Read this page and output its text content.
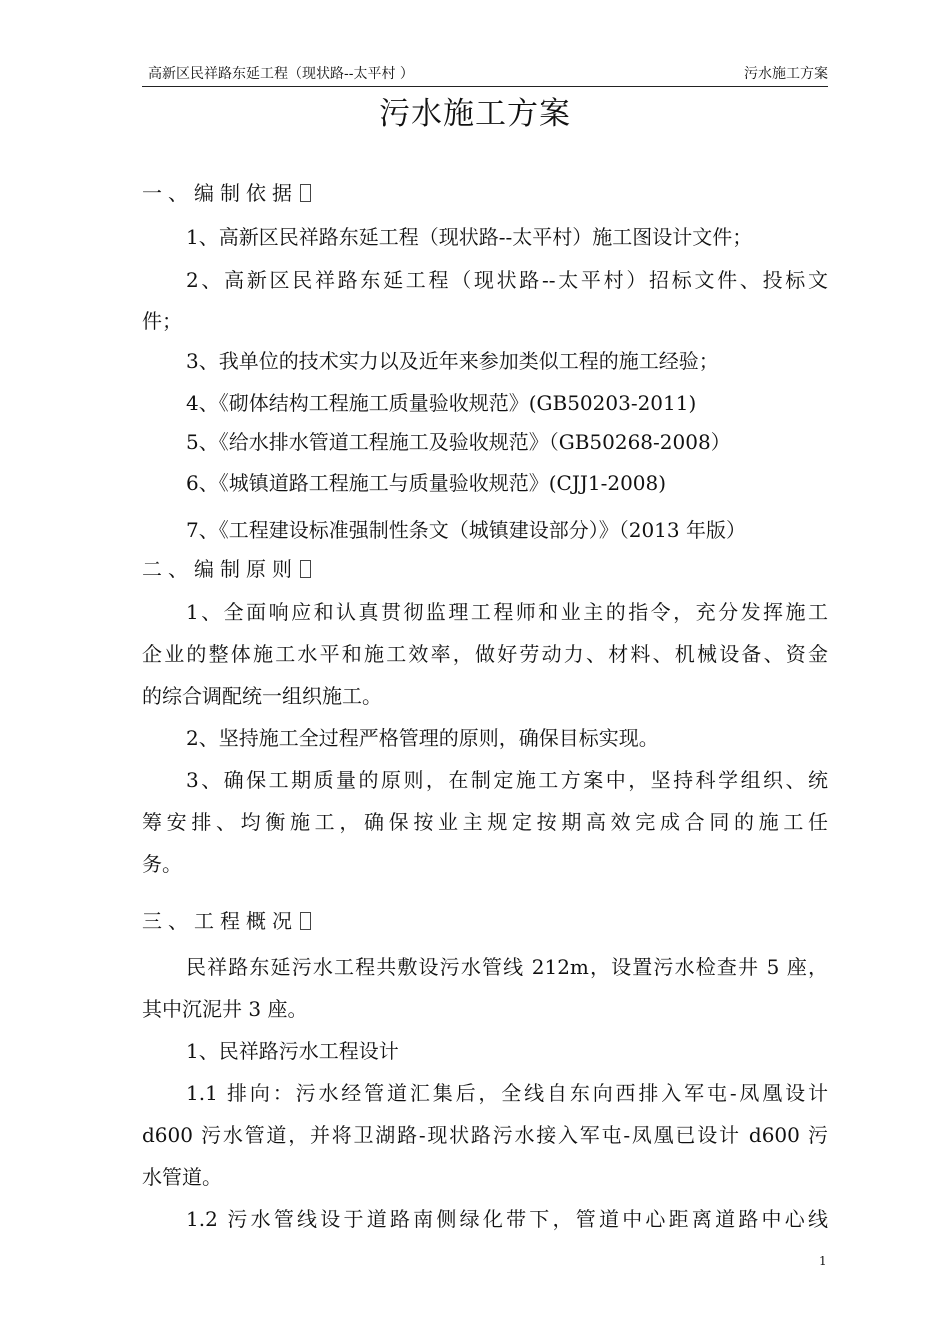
高新区民祥路东延工程（现状路--太平村 ）	污水施工方案
污水施工方案
一、编制依据
1、高新区民祥路东延工程（现状路--太平村）施工图设计文件；
2、高新区民祥路东延工程（现状路--太平村）招标文件、投标文
件；
3、我单位的技术实力以及近年来参加类似工程的施工经验；
4、《砌体结构工程施工质量验收规范》(GB50203-2011)
5、《给水排水管道工程施工及验收规范》（GB50268-2008）
6、《城镇道路工程施工与质量验收规范》(CJJ1-2008)
7、《工程建设标准强制性条文（城镇建设部分）》（2013 年版）
二、编制原则
1、全面响应和认真贯彻监理工程师和业主的指令，充分发挥施工
企业的整体施工水平和施工效率，做好劳动力、材料、机械设备、资金
的综合调配统一组织施工。
2、坚持施工全过程严格管理的原则，确保目标实现。
3、确保工期质量的原则，在制定施工方案中，坚持科学组织、统
筹安排、均衡施工，确保按业主规定按期高效完成合同的施工任
务。
三、工程概况
民祥路东延污水工程共敷设污水管线 212m，设置污水检查井 5 座，
其中沉泥井 3 座。
1、民祥路污水工程设计
1.1 排向：污水经管道汇集后，全线自东向西排入军屯-凤凰设计
d600 污水管道，并将卫湖路-现状路污水接入军屯-凤凰已设计 d600 污
水管道。
1.2 污水管线设于道路南侧绿化带下，管道中心距离道路中心线
1
